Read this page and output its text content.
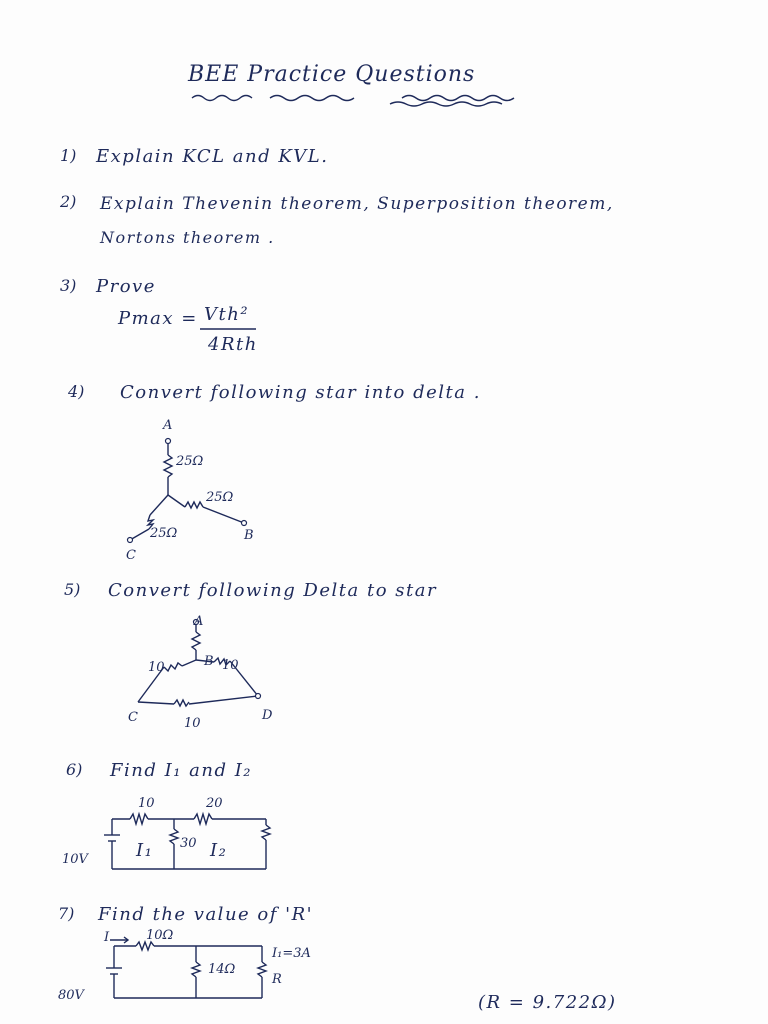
BEE Practice Questions
1) Explain KCL and KVL.
2) Explain Thevenin theorem, Superposition theorem,
Nortons theorem .
3) Prove
Pmax = Vth²
4Rth
4) Convert following star into delta .
A
25Ω
25Ω
25Ω	B
C
5) Convert following Delta to star
A
B
10	10
C	10
D
6) Find I₁ and I₂
10	20
30
I₁	I₂
10V
7) Find the value of 'R'
I	10Ω
14Ω
I₁=3A
R
80V	(R = 9.722Ω)
